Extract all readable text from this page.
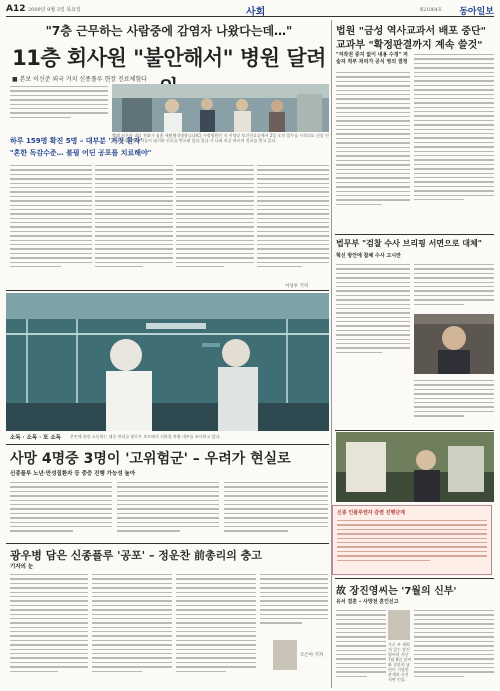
A12 2009년 9월 3일 목요일	사회	제21064호 동아일보
"7층 근무하는 사람중에 감염자 나왔다는데…"
11층 회사원 "불안해서" 병원 달려
■ 본보 이신준 외국 거치 신종플루 현장 진료체험다
하루 159명 확진 5명 – 대부분 '거짓 환자'
"혼한 독감수준… 불필 어딘 공포를 치료해야"
빨래 지우한 대디 전화가 심홈 세탐했성명합니다(C) 가정병원인 지 이정당 보건진료실에서 2일 오전 업무를 시작되도 신종 인플루엔자 의사환자들이 대기하 진료를 받으려 앞다 있다 가 나와 보증 바르며 진료를 받고 있다.
이상우 기자
소독 · 소독 · 또 소독 본인에 관한 소독하는 대중 관리를 팔로우 보도에서 지하철 차량 내부를 조사하고 있다.
사망 4명중 3명이 '고위험군' – 우려가 현실로
신종플루 노년·만성질환자 등 중증 진행 가능성 높아
광우병 담은 신종플루 '공포' – 정운찬 前총리의 충고
기자의 눈
조은아 기자
법원 "금성 역사교과서 배포 중단"
교과부 "확정판결까지 계속 쓸것"
"저작권 중지 없이 내용 수정" 저술자 적부 처리가 공식 영의 결정
법무부 "검찰 수사 브리핑 서면으로 대체"
혁신 방안에 참체 수사 고시만
신종 인플루엔자 감염 진행단계
故 장진영씨는 '7월의 신부'
유서 결혼 – 사망전 혼인신고
가로 부 세워져 있는 장진영씨의 지난 7월 8일 장씨와 결혼한 남편이 기념한 관계의 사진 지면 인물.
